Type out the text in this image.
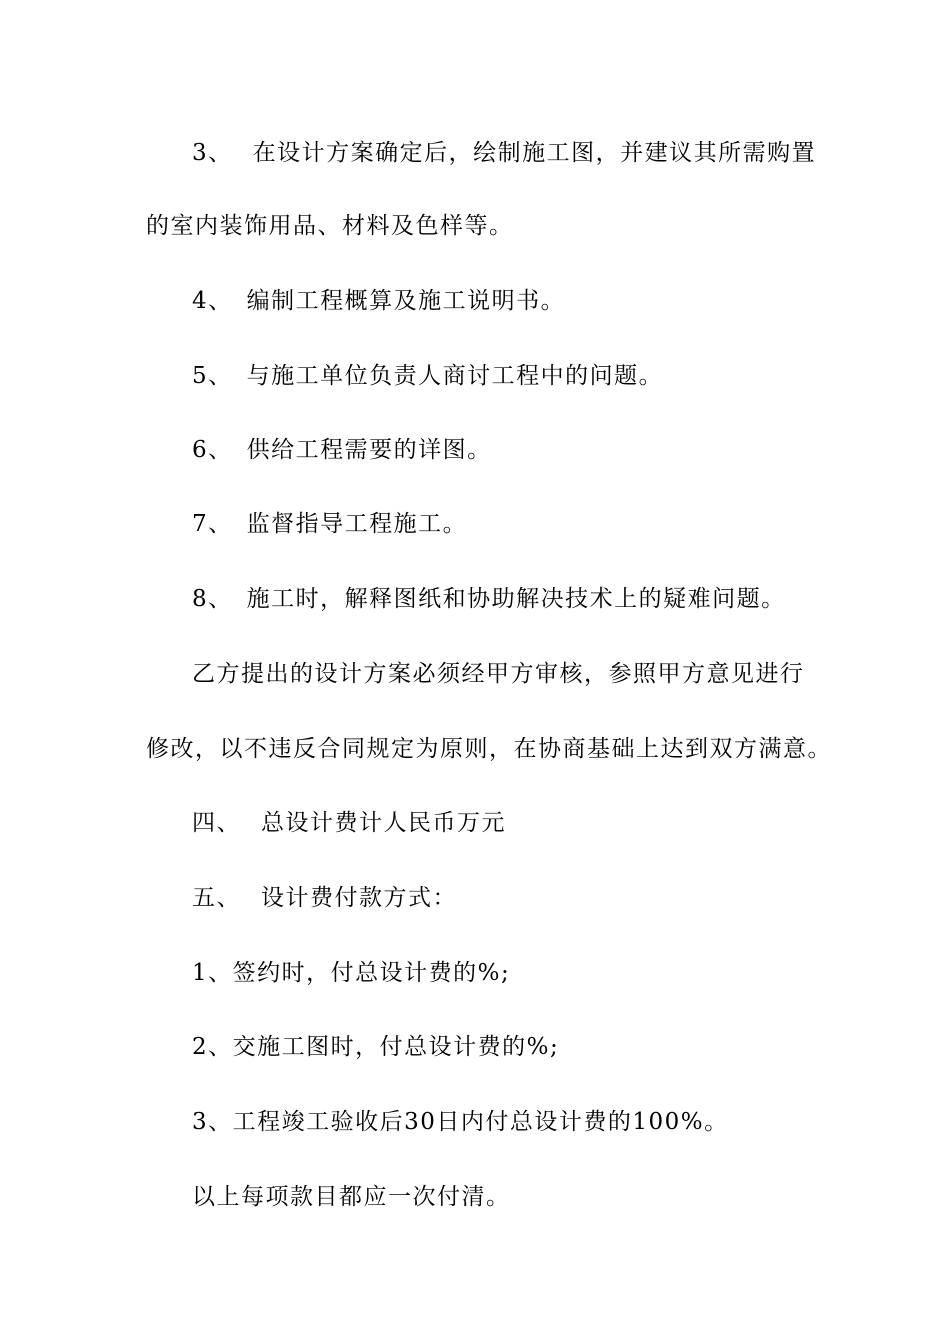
3、 在设计方案确定后，绘制施工图，并建议其所需购置
的室内装饰用品、材料及色样等。
4、 编制工程概算及施工说明书。
5、 与施工单位负责人商讨工程中的问题。
6、 供给工程需要的详图。
7、 监督指导工程施工。
8、 施工时，解释图纸和协助解决技术上的疑难问题。
乙方提出的设计方案必须经甲方审核，参照甲方意见进行
修改，以不违反合同规定为原则，在协商基础上达到双方满意。
四、 总设计费计人民币万元
五、 设计费付款方式：
1、签约时，付总设计费的%;
2、交施工图时，付总设计费的%;
3、工程竣工验收后30日内付总设计费的100%。
以上每项款目都应一次付清。
